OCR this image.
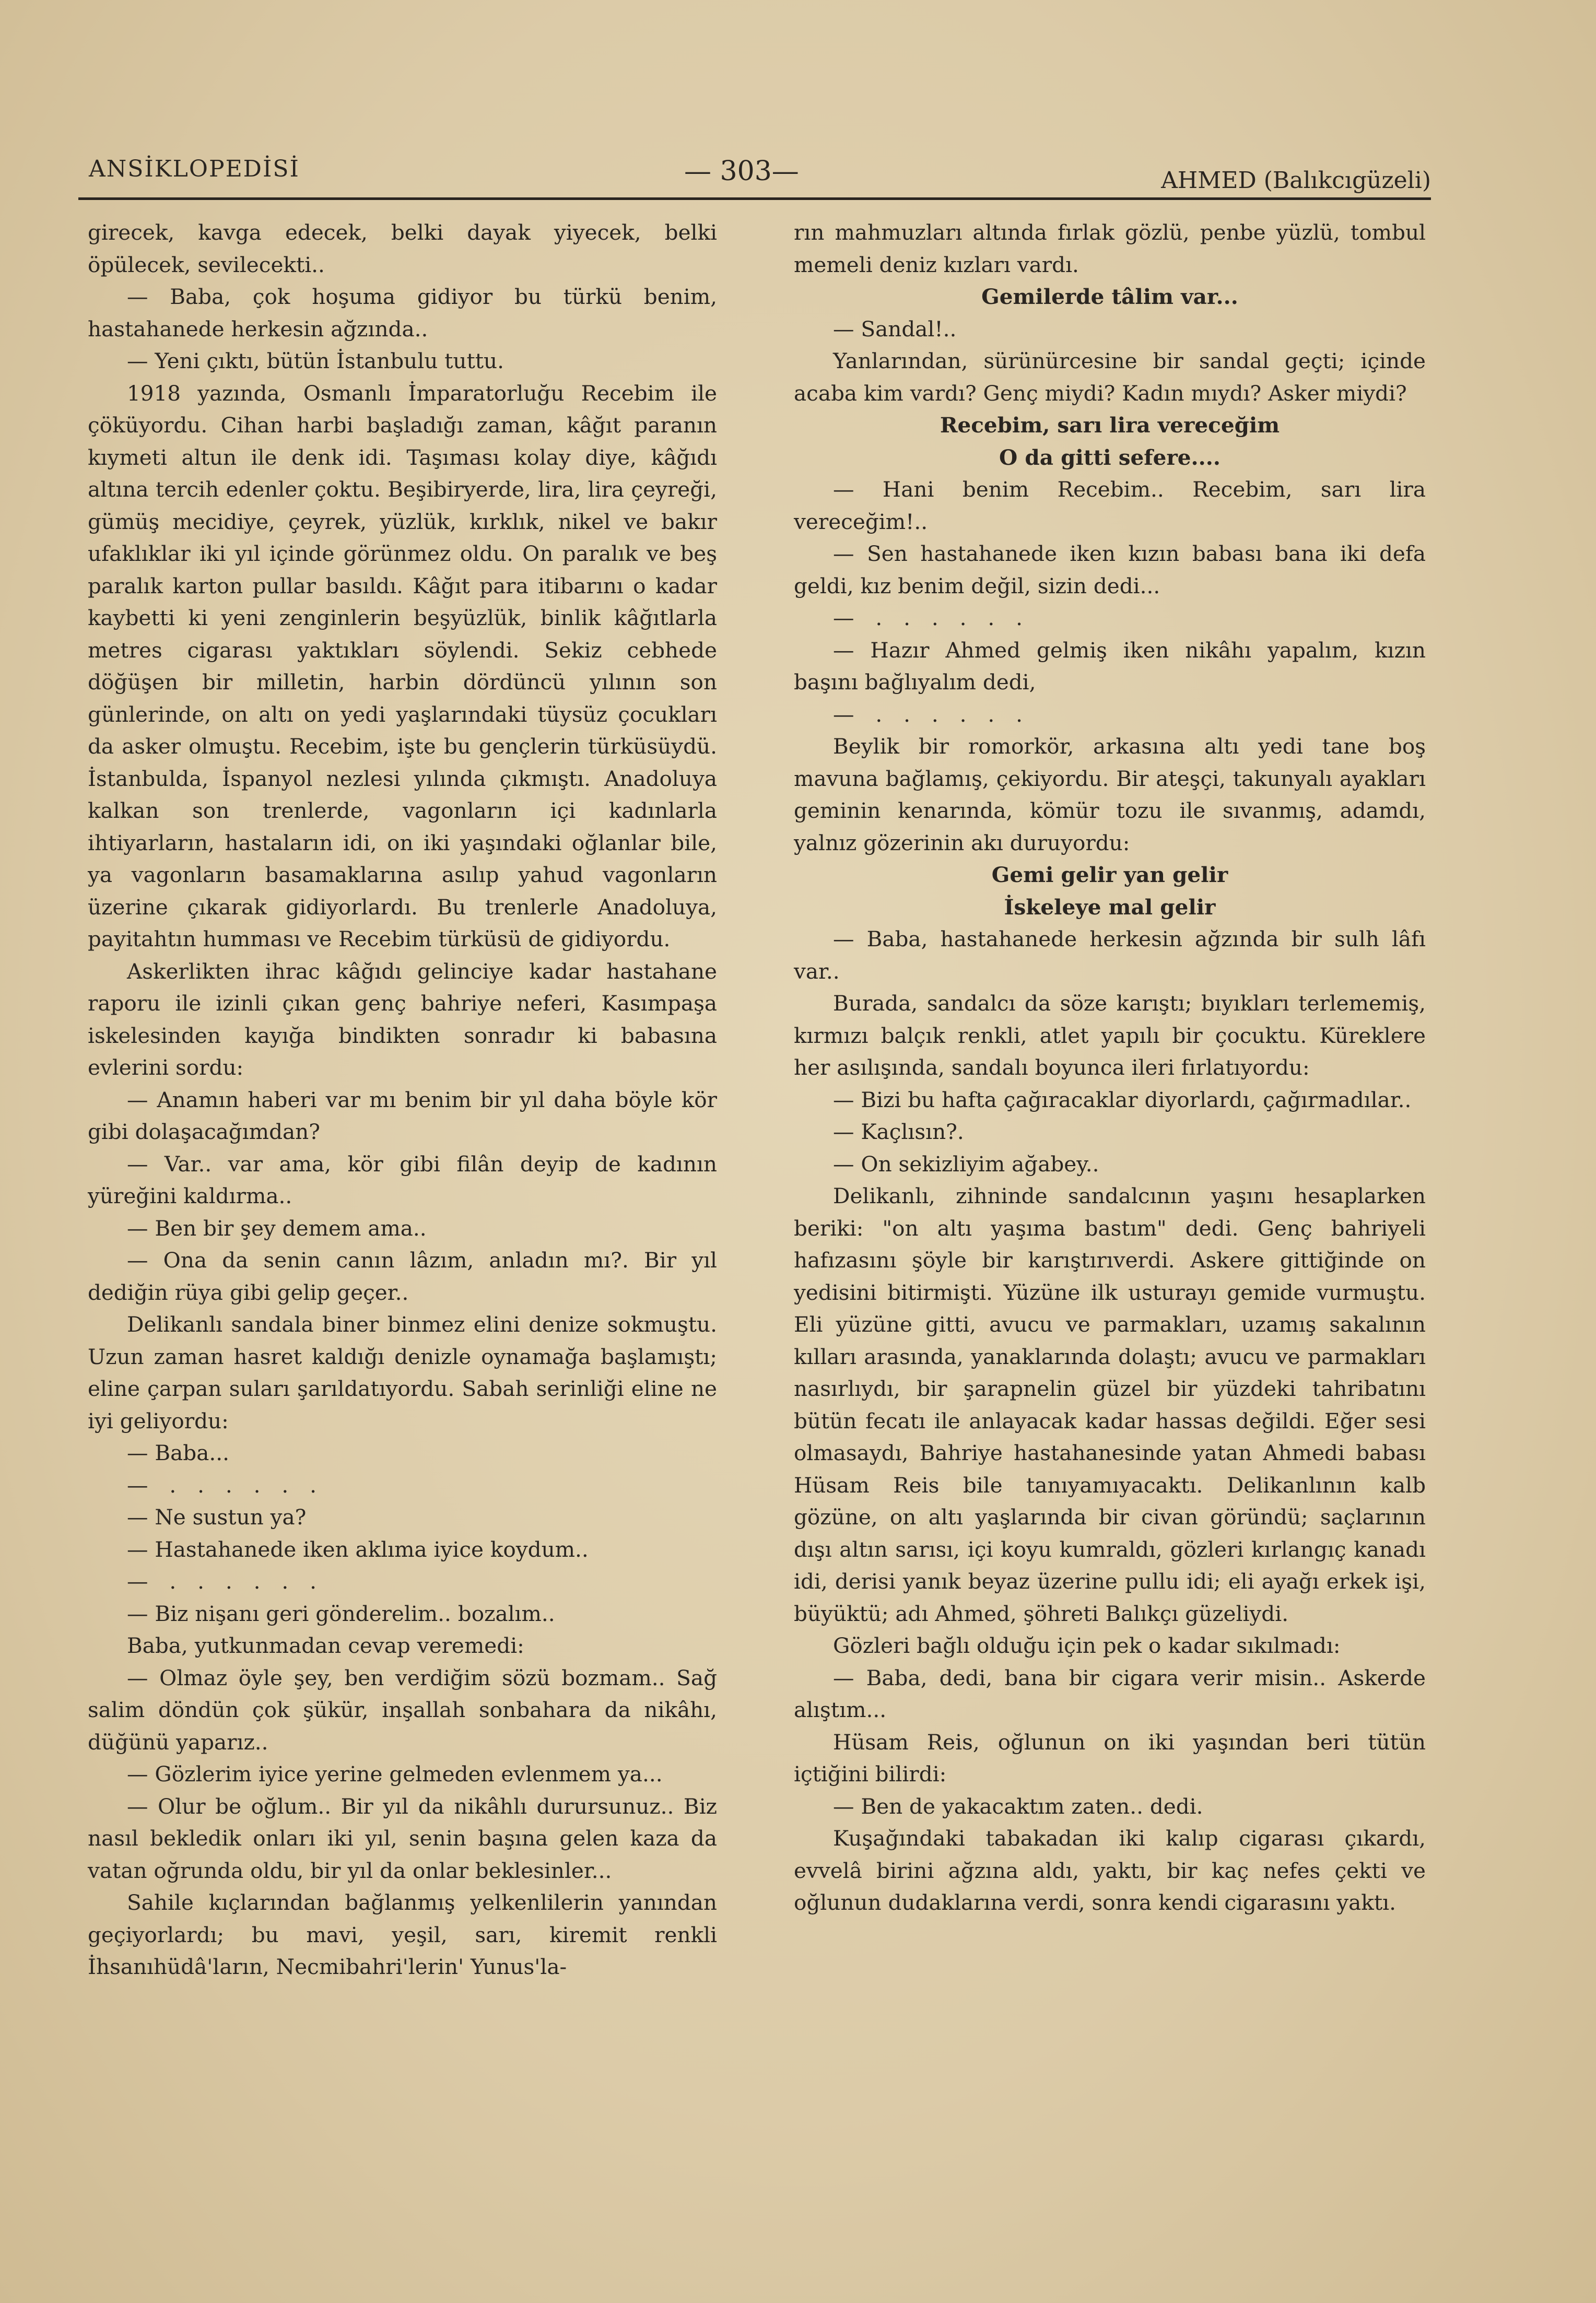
ANSİKLOPEDİSİ	— 303—	AHMED (Balıkcıgüzeli)

girecek, kavga edecek, belki dayak yiyecek, belki öpülecek, sevilecekti..

— Baba, çok hoşuma gidiyor bu türkü benim, hastahanede herkesin ağzında..

— Yeni çıktı, bütün İstanbulu tuttu.

1918 yazında, Osmanlı İmparatorluğu Recebim ile çöküyordu. Cihan harbi başladığı zaman, kâğıt paranın kıymeti altun ile denk idi. Taşıması kolay diye, kâğıdı altına tercih edenler çoktu. Beşibiryerde, lira, lira çeyreği, gümüş mecidiye, çeyrek, yüzlük, kırklık, nikel ve bakır ufaklıklar iki yıl içinde görünmez oldu. On paralık ve beş paralık karton pullar basıldı. Kâğıt para itibarını o kadar kaybetti ki yeni zenginlerin beşyüzlük, binlik kâğıtlarla metres cigarası yaktıkları söylendi. Sekiz cebhede döğüşen bir milletin, harbin dördüncü yılının son günlerinde, on altı on yedi yaşlarındaki tüysüz çocukları da asker olmuştu. Recebim, işte bu gençlerin türküsüydü. İstanbulda, İspanyol nezlesi yılında çıkmıştı. Anadoluya kalkan son trenlerde, vagonların içi kadınlarla ihtiyarların, hastaların idi, on iki yaşındaki oğlanlar bile, ya vagonların basamaklarına asılıp yahud vagonların üzerine çıkarak gidiyorlardı. Bu trenlerle Anadoluya, payitahtın humması ve Recebim türküsü de gidiyordu.

Askerlikten ihrac kâğıdı gelinciye kadar hastahane raporu ile izinli çıkan genç bahriye neferi, Kasımpaşa iskelesinden kayığa bindikten sonradır ki babasına evlerini sordu:

— Anamın haberi var mı benim bir yıl daha böyle kör gibi dolaşacağımdan?

— Var.. var ama, kör gibi filân deyip de kadının yüreğini kaldırma..

— Ben bir şey demem ama..

— Ona da senin canın lâzım, anladın mı?. Bir yıl dediğin rüya gibi gelip geçer..

Delikanlı sandala biner binmez elini denize sokmuştu. Uzun zaman hasret kaldığı denizle oynamağa başlamıştı; eline çarpan suları şarıldatıyordu. Sabah serinliği eline ne iyi geliyordu:

— Baba...

— . . . . . .

— Ne sustun ya?

— Hastahanede iken aklıma iyice koydum..

— . . . . . .

— Biz nişanı geri gönderelim.. bozalım..

Baba, yutkunmadan cevap veremedi:

— Olmaz öyle şey, ben verdiğim sözü bozmam.. Sağ salim döndün çok şükür, inşallah sonbahara da nikâhı, düğünü yaparız..

— Gözlerim iyice yerine gelmeden evlenmem ya...

— Olur be oğlum.. Bir yıl da nikâhlı durursunuz.. Biz nasıl bekledik onları iki yıl, senin başına gelen kaza da vatan oğrunda oldu, bir yıl da onlar beklesinler...

Sahile kıçlarından bağlanmış yelkenlilerin yanından geçiyorlardı; bu mavi, yeşil, sarı, kiremit renkli İhsanıhüdâ'ların, Necmibahri'lerin' Yunus'la-

rın mahmuzları altında fırlak gözlü, penbe yüzlü, tombul memeli deniz kızları vardı.

Gemilerde tâlim var...

— Sandal!..

Yanlarından, sürünürcesine bir sandal geçti; içinde acaba kim vardı? Genç miydi? Kadın mıydı? Asker miydi?

Recebim, sarı lira vereceğim

O da gitti sefere....

— Hani benim Recebim.. Recebim, sarı lira vereceğim!..

— Sen hastahanede iken kızın babası bana iki defa geldi, kız benim değil, sizin dedi...

— . . . . . .

— Hazır Ahmed gelmiş iken nikâhı yapalım, kızın başını bağlıyalım dedi,

— . . . . . .

Beylik bir romorkör, arkasına altı yedi tane boş mavuna bağlamış, çekiyordu. Bir ateşçi, takunyalı ayakları geminin kenarında, kömür tozu ile sıvanmış, adamdı, yalnız gözerinin akı duruyordu:

Gemi gelir yan gelir

İskeleye mal gelir

— Baba, hastahanede herkesin ağzında bir sulh lâfı var..

Burada, sandalcı da söze karıştı; bıyıkları terlememiş, kırmızı balçık renkli, atlet yapılı bir çocuktu. Küreklere her asılışında, sandalı boyunca ileri fırlatıyordu:

— Bizi bu hafta çağıracaklar diyorlardı, çağırmadılar..

— Kaçlısın?.

— On sekizliyim ağabey..

Delikanlı, zihninde sandalcının yaşını hesaplarken beriki: "on altı yaşıma bastım" dedi. Genç bahriyeli hafızasını şöyle bir karıştırıverdi. Askere gittiğinde on yedisini bitirmişti. Yüzüne ilk usturayı gemide vurmuştu. Eli yüzüne gitti, avucu ve parmakları, uzamış sakalının kılları arasında, yanaklarında dolaştı; avucu ve parmakları nasırlıydı, bir şarapnelin güzel bir yüzdeki tahribatını bütün fecatı ile anlayacak kadar hassas değildi. Eğer sesi olmasaydı, Bahriye hastahanesinde yatan Ahmedi babası Hüsam Reis bile tanıyamıyacaktı. Delikanlının kalb gözüne, on altı yaşlarında bir civan göründü; saçlarının dışı altın sarısı, içi koyu kumraldı, gözleri kırlangıç kanadı idi, derisi yanık beyaz üzerine pullu idi; eli ayağı erkek işi, büyüktü; adı Ahmed, şöhreti Balıkçı güzeliydi.

Gözleri bağlı olduğu için pek o kadar sıkılmadı:

— Baba, dedi, bana bir cigara verir misin.. Askerde alıştım...

Hüsam Reis, oğlunun on iki yaşından beri tütün içtiğini bilirdi:

— Ben de yakacaktım zaten.. dedi.

Kuşağındaki tabakadan iki kalıp cigarası çıkardı, evvelâ birini ağzına aldı, yaktı, bir kaç nefes çekti ve oğlunun dudaklarına verdi, sonra kendi cigarasını yaktı.
